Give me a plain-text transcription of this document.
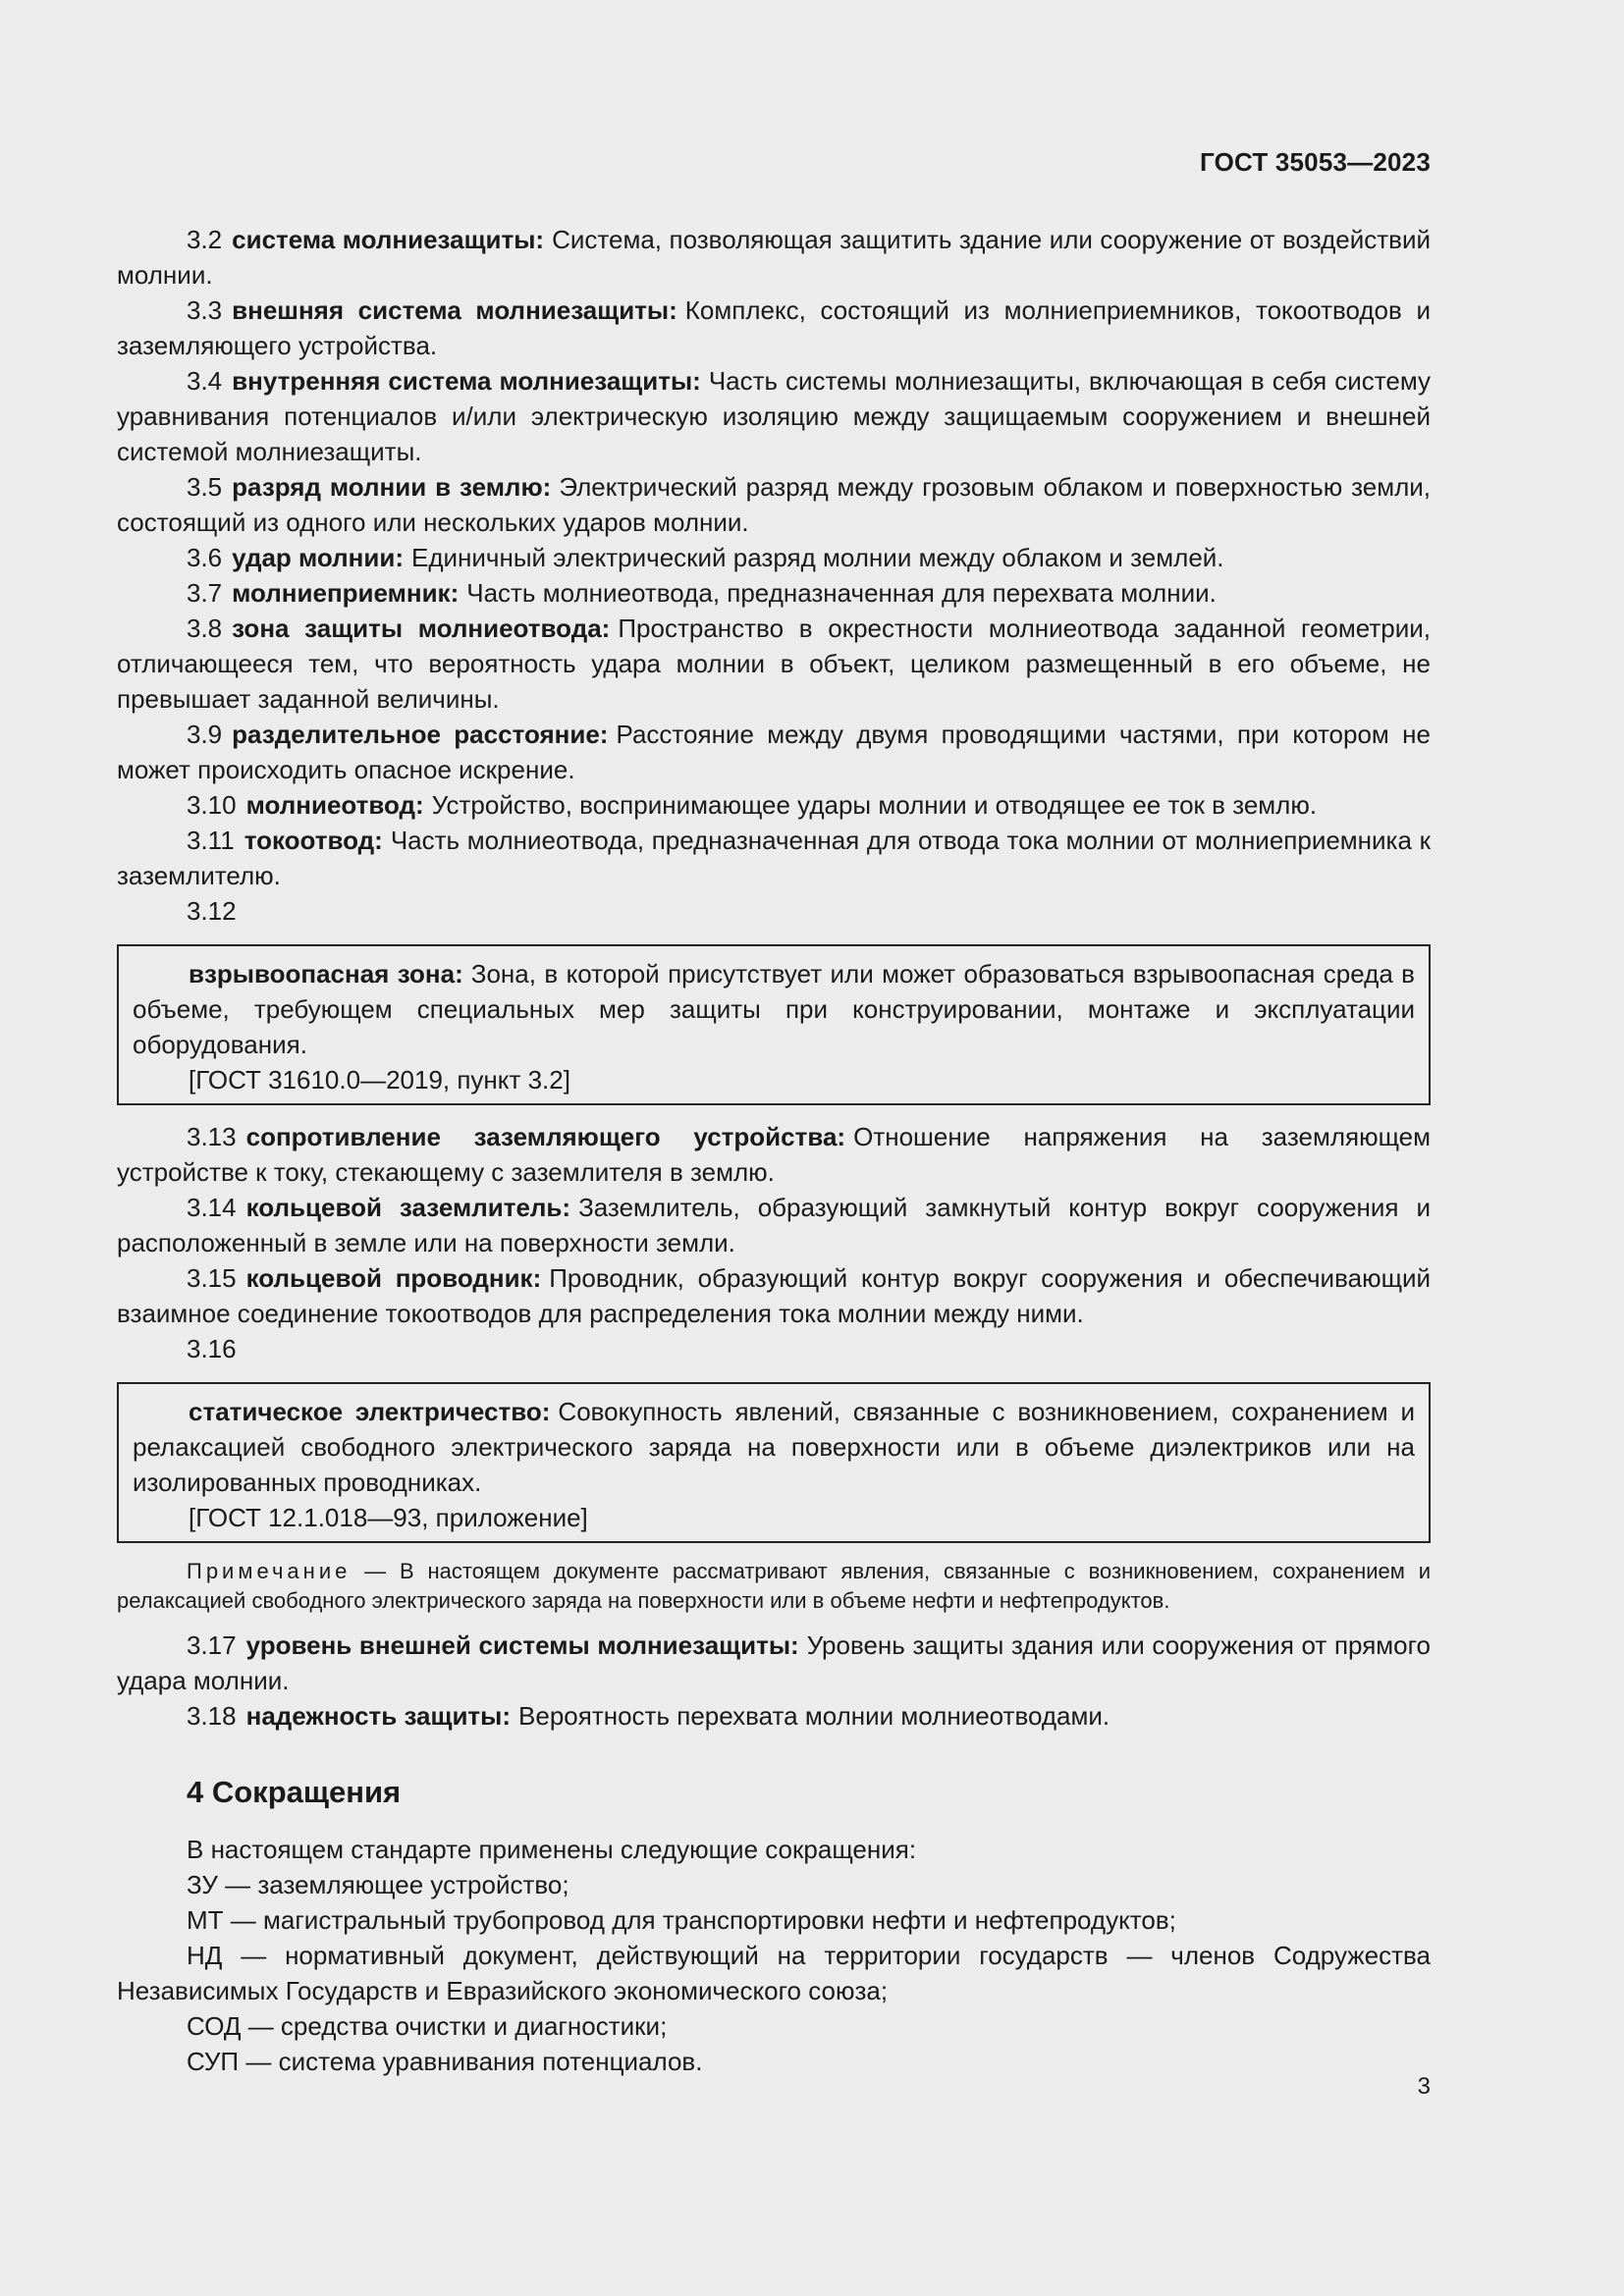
ГОСТ 35053—2023

3.2 система молниезащиты: Система, позволяющая защитить здание или сооружение от воздействий молнии.

3.3 внешняя система молниезащиты: Комплекс, состоящий из молниеприемников, токоотводов и заземляющего устройства.

3.4 внутренняя система молниезащиты: Часть системы молниезащиты, включающая в себя систему уравнивания потенциалов и/или электрическую изоляцию между защищаемым сооружением и внешней системой молниезащиты.

3.5 разряд молнии в землю: Электрический разряд между грозовым облаком и поверхностью земли, состоящий из одного или нескольких ударов молнии.

3.6 удар молнии: Единичный электрический разряд молнии между облаком и землей.

3.7 молниеприемник: Часть молниеотвода, предназначенная для перехвата молнии.

3.8 зона защиты молниеотвода: Пространство в окрестности молниеотвода заданной геометрии, отличающееся тем, что вероятность удара молнии в объект, целиком размещенный в его объеме, не превышает заданной величины.

3.9 разделительное расстояние: Расстояние между двумя проводящими частями, при котором не может происходить опасное искрение.

3.10 молниеотвод: Устройство, воспринимающее удары молнии и отводящее ее ток в землю.

3.11 токоотвод: Часть молниеотвода, предназначенная для отвода тока молнии от молниеприемника к заземлителю.

3.12

взрывоопасная зона: Зона, в которой присутствует или может образоваться взрывоопасная среда в объеме, требующем специальных мер защиты при конструировании, монтаже и эксплуатации оборудования.

[ГОСТ 31610.0—2019, пункт 3.2]

3.13 сопротивление заземляющего устройства: Отношение напряжения на заземляющем устройстве к току, стекающему с заземлителя в землю.

3.14 кольцевой заземлитель: Заземлитель, образующий замкнутый контур вокруг сооружения и расположенный в земле или на поверхности земли.

3.15 кольцевой проводник: Проводник, образующий контур вокруг сооружения и обеспечивающий взаимное соединение токоотводов для распределения тока молнии между ними.

3.16

статическое электричество: Совокупность явлений, связанные с возникновением, сохранением и релаксацией свободного электрического заряда на поверхности или в объеме диэлектриков или на изолированных проводниках.

[ГОСТ 12.1.018—93, приложение]

Примечание — В настоящем документе рассматривают явления, связанные с возникновением, сохранением и релаксацией свободного электрического заряда на поверхности или в объеме нефти и нефтепродуктов.

3.17 уровень внешней системы молниезащиты: Уровень защиты здания или сооружения от прямого удара молнии.

3.18 надежность защиты: Вероятность перехвата молнии молниеотводами.

4 Сокращения

В настоящем стандарте применены следующие сокращения:

ЗУ — заземляющее устройство;

МТ — магистральный трубопровод для транспортировки нефти и нефтепродуктов;

НД — нормативный документ, действующий на территории государств — членов Содружества Независимых Государств и Евразийского экономического союза;

СОД — средства очистки и диагностики;

СУП — система уравнивания потенциалов.

3
